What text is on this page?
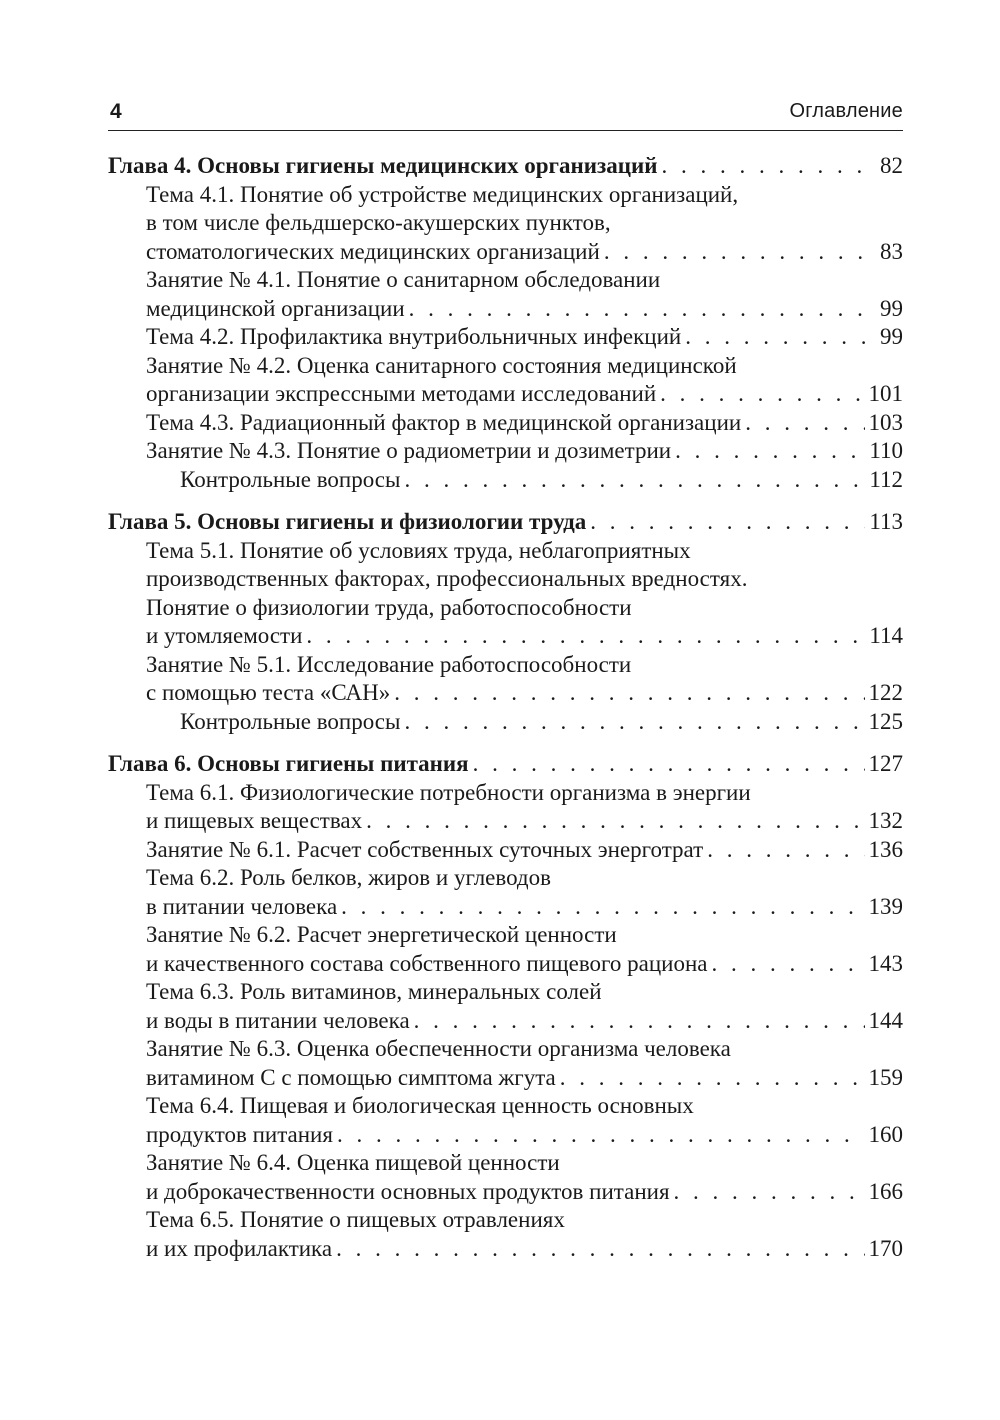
4	Оглавление
Глава 4. Основы гигиены медицинских организаций . . .	82
Тема 4.1. Понятие об устройстве медицинских организаций,
в том числе фельдшерско-акушерских пунктов,
стоматологических медицинских организаций . . .	83
Занятие № 4.1. Понятие о санитарном обследовании
медицинской организации . . .	99
Тема 4.2. Профилактика внутрибольничных инфекций . . .	99
Занятие № 4.2. Оценка санитарного состояния медицинской
организации экспрессными методами исследований . . .	101
Тема 4.3. Радиационный фактор в медицинской организации . . .	103
Занятие № 4.3. Понятие о радиометрии и дозиметрии . . .	110
Контрольные вопросы . . .	112
Глава 5. Основы гигиены и физиологии труда . . .	113
Тема 5.1. Понятие об условиях труда, неблагоприятных
производственных факторах, профессиональных вредностях.
Понятие о физиологии труда, работоспособности
и утомляемости . . .	114
Занятие № 5.1. Исследование работоспособности
с помощью теста «САН» . . .	122
Контрольные вопросы . . .	125
Глава 6. Основы гигиены питания . . .	127
Тема 6.1. Физиологические потребности организма в энергии
и пищевых веществах . . .	132
Занятие № 6.1. Расчет собственных суточных энерготрат . . .	136
Тема 6.2. Роль белков, жиров и углеводов
в питании человека . . .	139
Занятие № 6.2. Расчет энергетической ценности
и качественного состава собственного пищевого рациона . . .	143
Тема 6.3. Роль витаминов, минеральных солей
и воды в питании человека . . .	144
Занятие № 6.3. Оценка обеспеченности организма человека
витамином С с помощью симптома жгута . . .	159
Тема 6.4. Пищевая и биологическая ценность основных
продуктов питания . . .	160
Занятие № 6.4. Оценка пищевой ценности
и доброкачественности основных продуктов питания . . .	166
Тема 6.5. Понятие о пищевых отравлениях
и их профилактика . . .	170
